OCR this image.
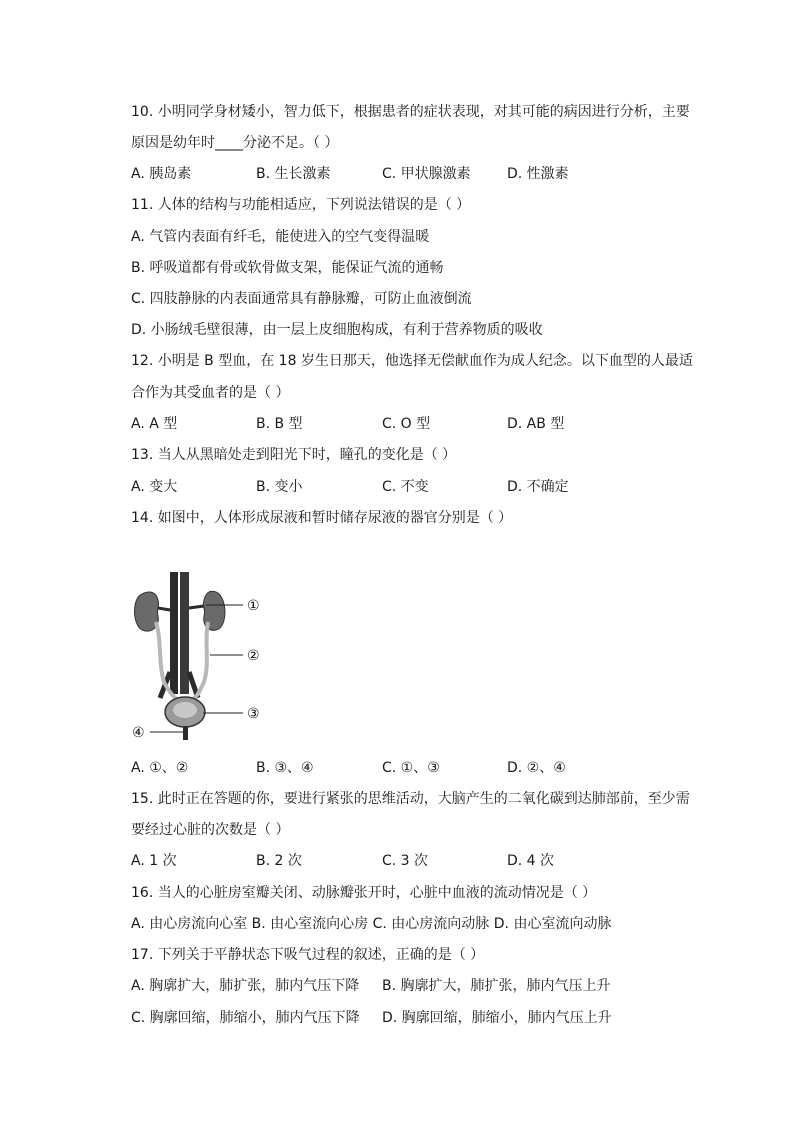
10. 小明同学身材矮小，智力低下，根据患者的症状表现，对其可能的病因进行分析，主要
原因是幼年时____分泌不足。（ ）
A. 胰岛素	B. 生长激素	C. 甲状腺激素	D. 性激素
11. 人体的结构与功能相适应，下列说法错误的是（ ）
A. 气管内表面有纤毛，能使进入的空气变得温暖
B. 呼吸道都有骨或软骨做支架，能保证气流的通畅
C. 四肢静脉的内表面通常具有静脉瓣，可防止血液倒流
D. 小肠绒毛壁很薄，由一层上皮细胞构成，有利于营养物质的吸收
12. 小明是 B 型血，在 18 岁生日那天，他选择无偿献血作为成人纪念。以下血型的人最适
合作为其受血者的是（ ）
A. A 型	B. B 型	C. O 型	D. AB 型
13. 当人从黑暗处走到阳光下时，瞳孔的变化是（ ）
A. 变大	B. 变小	C. 不变	D. 不确定
14. 如图中，人体形成尿液和暂时储存尿液的器官分别是（ ）
①
②
③
④
A. ①、②	B. ③、④	C. ①、③	D. ②、④
15. 此时正在答题的你，要进行紧张的思维活动，大脑产生的二氧化碳到达肺部前，至少需
要经过心脏的次数是（ ）
A. 1 次	B. 2 次	C. 3 次	D. 4 次
16. 当人的心脏房室瓣关闭、动脉瓣张开时，心脏中血液的流动情况是（ ）
A. 由心房流向心室 B. 由心室流向心房 C. 由心房流向动脉 D. 由心室流向动脉
17. 下列关于平静状态下吸气过程的叙述，正确的是（ ）
A. 胸廓扩大，肺扩张，肺内气压下降 B. 胸廓扩大，肺扩张，肺内气压上升
C. 胸廓回缩，肺缩小，肺内气压下降 D. 胸廓回缩，肺缩小，肺内气压上升
